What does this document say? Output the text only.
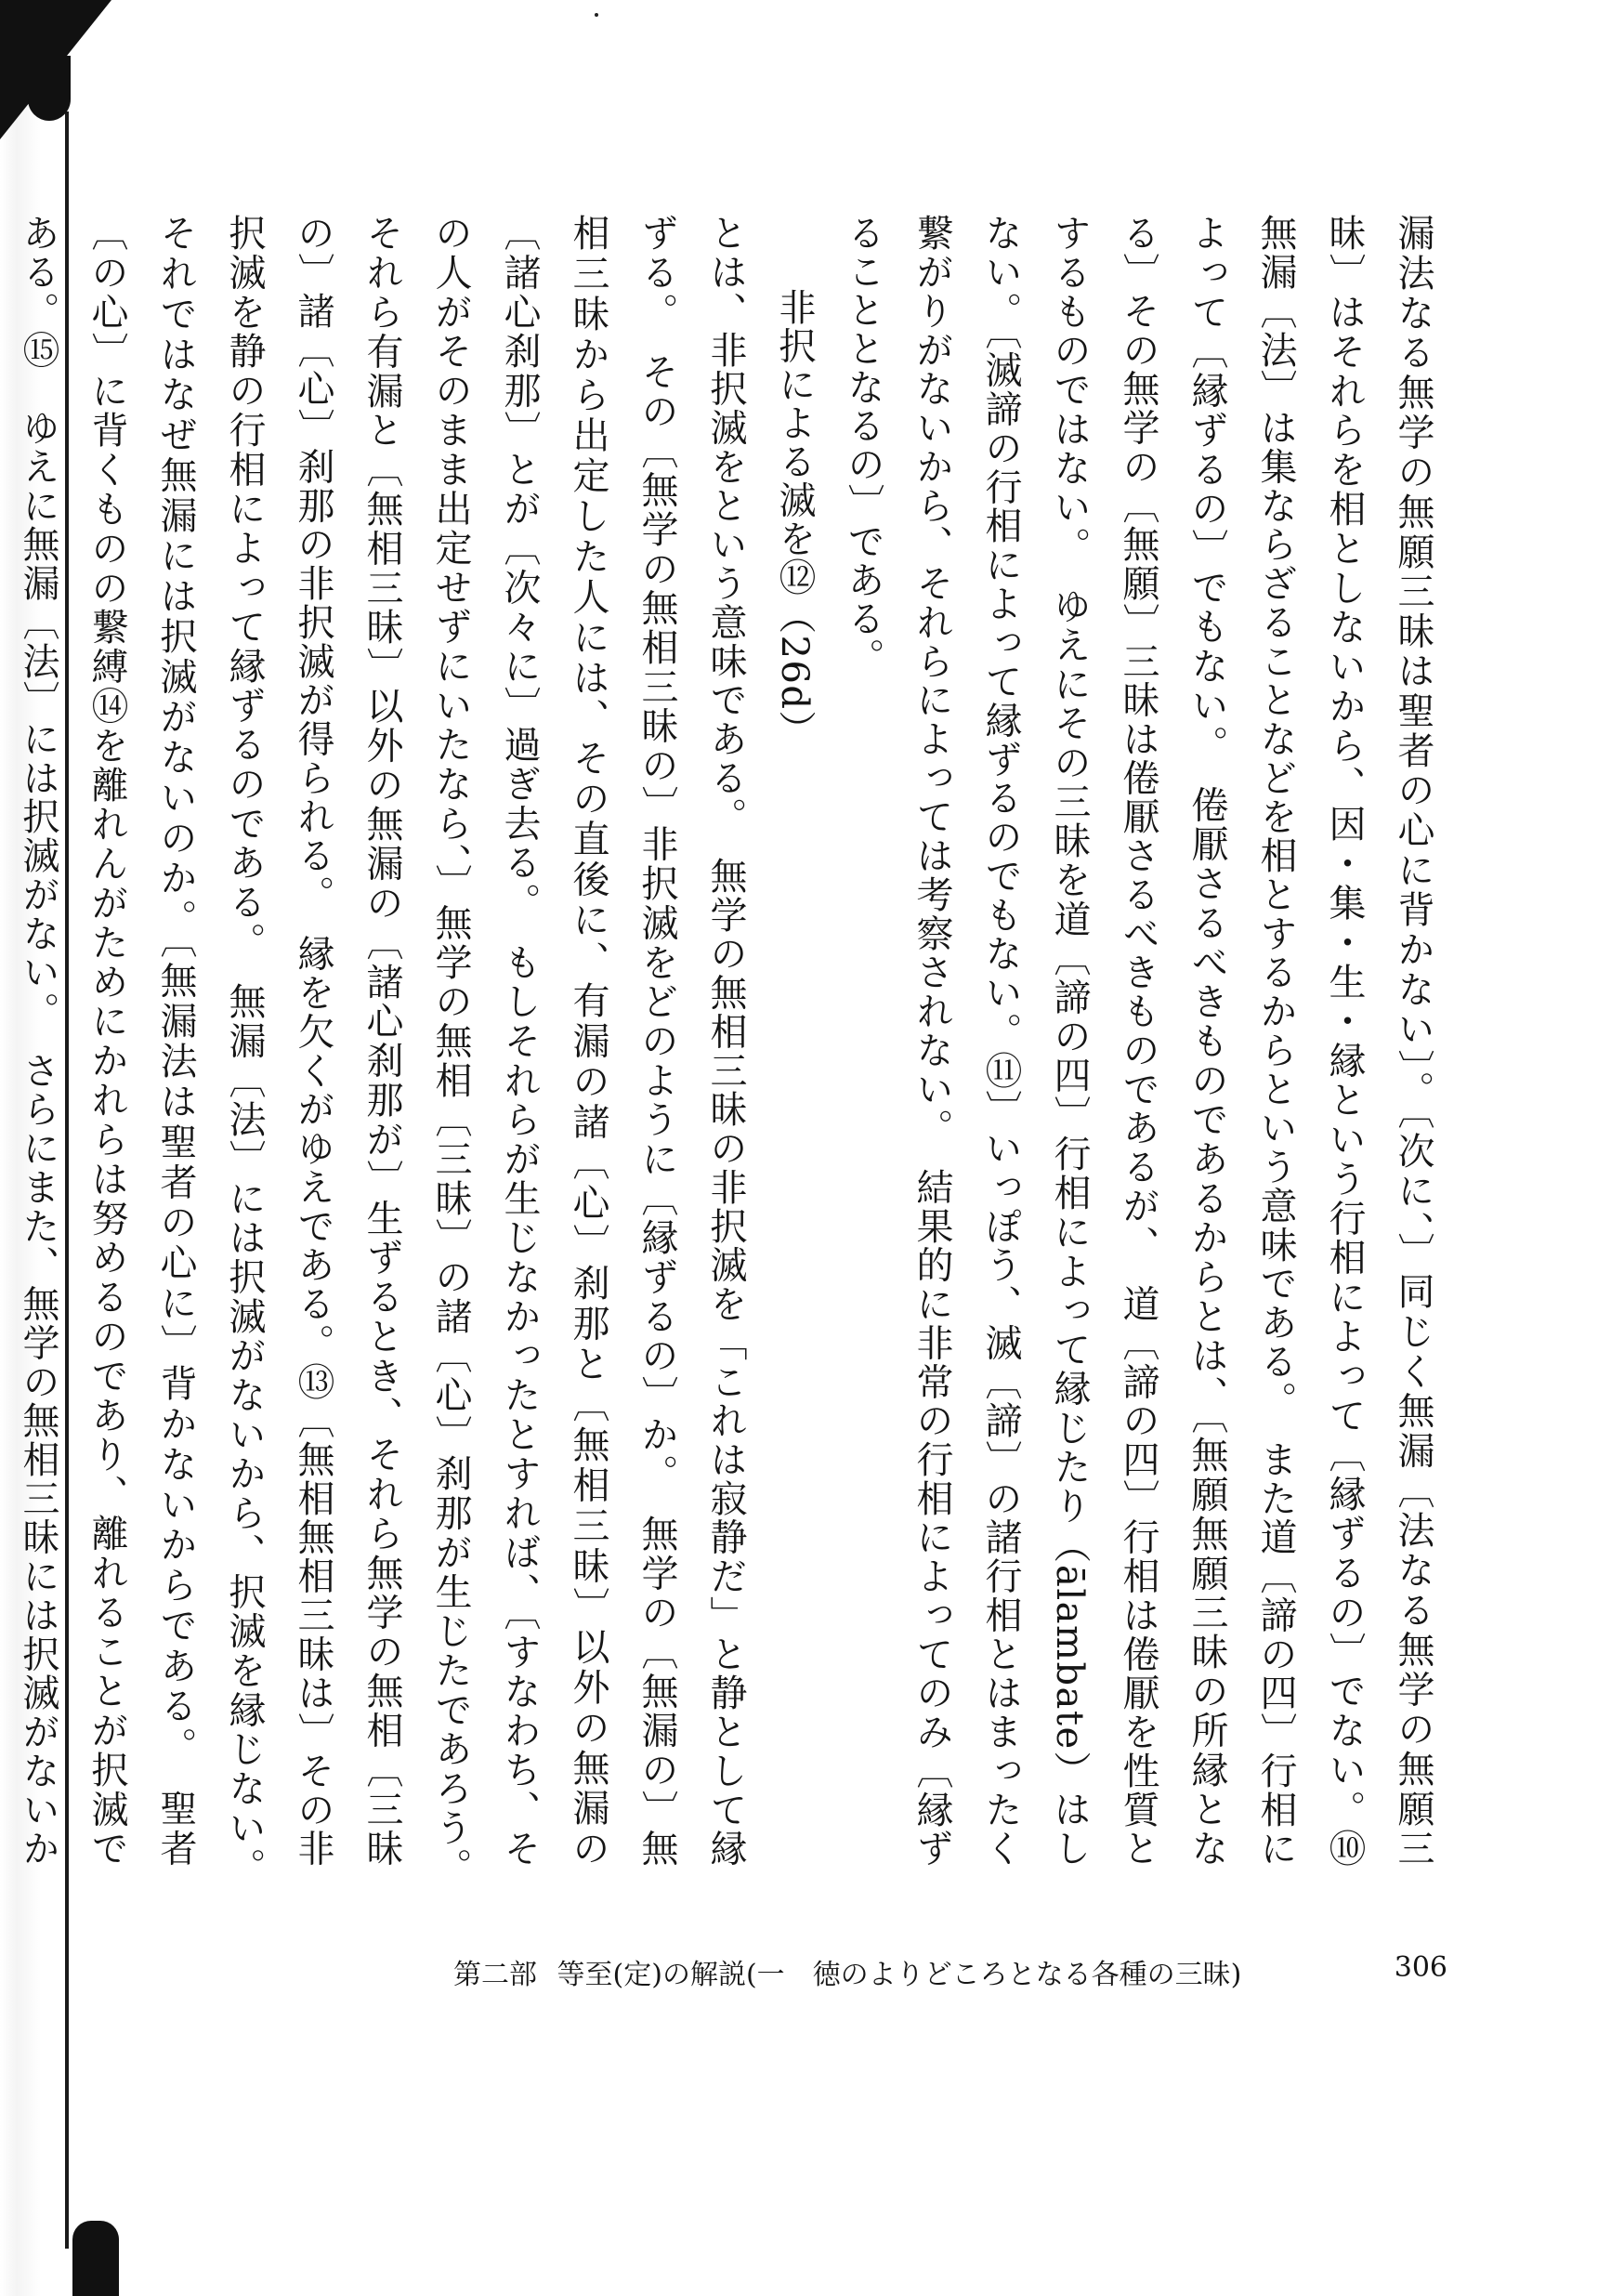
漏法なる無学の無願三昧は聖者の心に背かない〕。〔次に、〕同じく無漏〔法なる無学の無願三昧〕はそれらを相としないから、因・集・生・縁という行相によって〔縁ずるの〕でない。⑩　無漏〔法〕は集ならざることなどを相とするからという意味である。　また道〔諦の四〕行相によって〔縁ずるの〕でもない。　倦厭さるべきものであるからとは、〔無願無願三昧の所縁となる〕その無学の〔無願〕三昧は倦厭さるべきものであるが、　道〔諦の四〕行相は倦厭を性質とするものではない。　ゆえにその三昧を道〔諦の四〕行相によって縁じたり（ālambate）はしない。〔滅諦の行相によって縁ずるのでもない。⑪〕いっぽう、滅〔諦〕の諸行相とはまったく繋がりがないから、それらによっては考察されない。　結果的に非常の行相によってのみ〔縁ずることとなるの〕である。

非択による滅を⑫（26d）

とは、非択滅をという意味である。　無学の無相三昧の非択滅を「これは寂静だ」と静として縁ずる。　その〔無学の無相三昧の〕非択滅をどのように〔縁ずるの〕か。　無学の〔無漏の〕無相三昧から出定した人には、その直後に、有漏の諸〔心〕刹那と〔無相三昧〕以外の無漏の〔諸心刹那〕とが〔次々に〕過ぎ去る。　もしそれらが生じなかったとすれば、〔すなわち、その人がそのまま出定せずにいたなら、〕無学の無相〔三昧〕の諸〔心〕刹那が生じたであろう。　それら有漏と〔無相三昧〕以外の無漏の〔諸心刹那が〕生ずるとき、それら無学の無相〔三昧の〕諸〔心〕刹那の非択滅が得られる。　縁を欠くがゆえである。⑬〔無相無相三昧は〕その非択滅を静の行相によって縁ずるのである。　無漏〔法〕には択滅がないから、択滅を縁じない。　それではなぜ無漏には択滅がないのか。〔無漏法は聖者の心に〕背かないからである。　聖者〔の心〕に背くものの繋縛⑭を離れんがためにかれらは努めるのであり、離れることが択滅である。⑮　ゆえに無漏〔法〕には択滅がない。　さらにまた、無学の無相三昧には択滅がないか

第二部 等至(定)の解説(一　徳のよりどころとなる各種の三昧)	306
